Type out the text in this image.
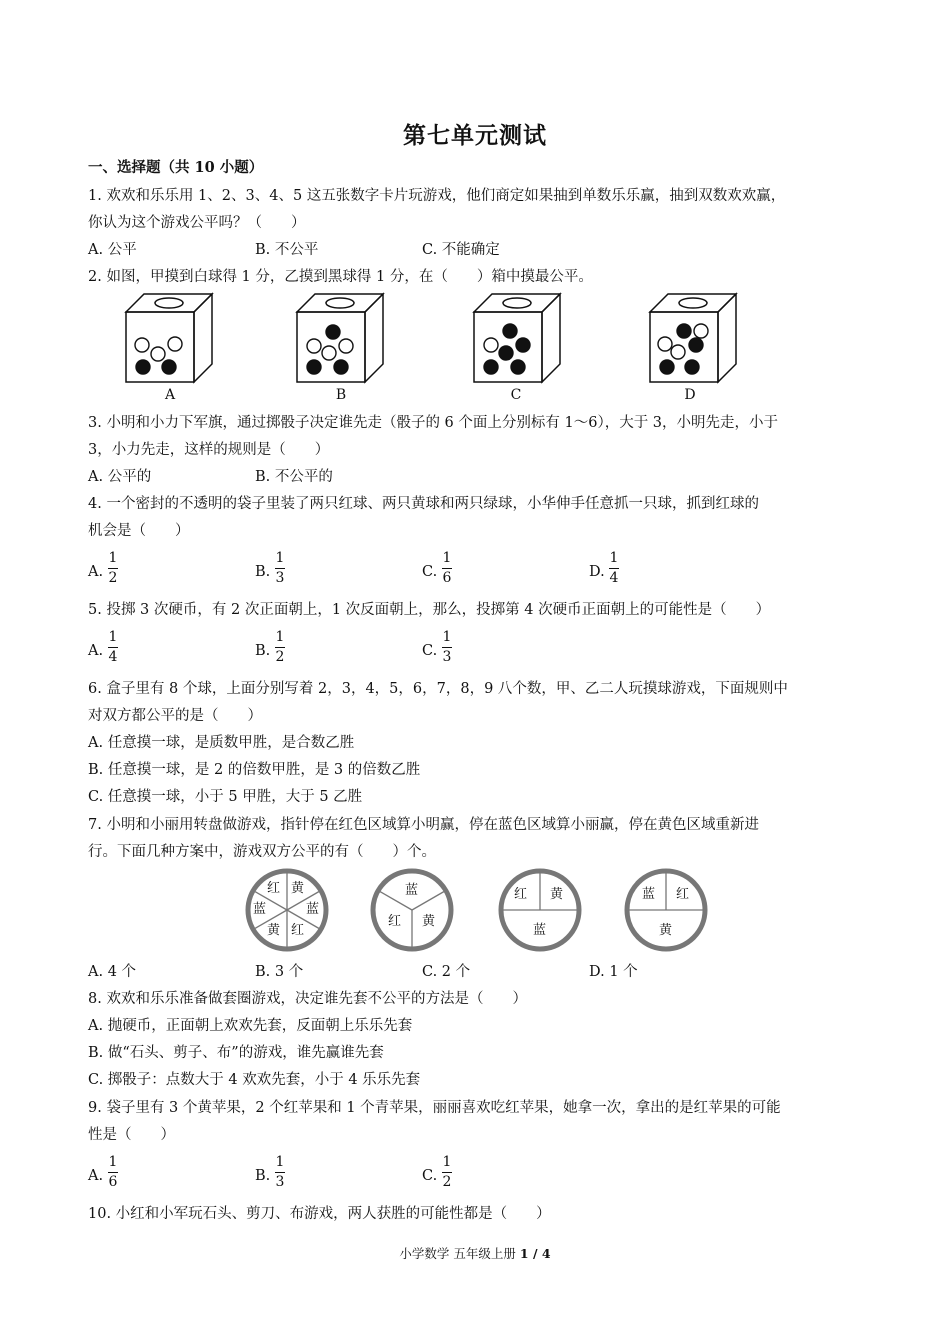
第七单元测试
一、选择题（共 10 小题）
1. 欢欢和乐乐用 1、2、3、4、5 这五张数字卡片玩游戏，他们商定如果抽到单数乐乐赢，抽到双数欢欢赢，
你认为这个游戏公平吗？（　　）
A. 公平	B. 不公平	C. 不能确定
2. 如图，甲摸到白球得 1 分，乙摸到黑球得 1 分，在（　　）箱中摸最公平。
A	B	C	D
3. 小明和小力下军旗，通过掷骰子决定谁先走（骰子的 6 个面上分别标有 1～6），大于 3，小明先走，小于
3，小力先走，这样的规则是（　　）
A. 公平的	B. 不公平的
4. 一个密封的不透明的袋子里装了两只红球、两只黄球和两只绿球，小华伸手任意抓一只球，抓到红球的
机会是（　　）
A.
1
2	B.
1
3	C.
1
6	D.
1
4
5. 投掷 3 次硬币，有 2 次正面朝上，1 次反面朝上，那么，投掷第 4 次硬币正面朝上的可能性是（　　）
A.
1
4	B.
1
2	C.
1
3
6. 盒子里有 8 个球，上面分别写着 2，3，4，5，6，7，8，9 八个数，甲、乙二人玩摸球游戏，下面规则中
对双方都公平的是（　　）
A. 任意摸一球，是质数甲胜，是合数乙胜
B. 任意摸一球，是 2 的倍数甲胜，是 3 的倍数乙胜
C. 任意摸一球，小于 5 甲胜，大于 5 乙胜
7. 小明和小丽用转盘做游戏，指针停在红色区域算小明赢，停在蓝色区域算小丽赢，停在黄色区域重新进
行。下面几种方案中，游戏双方公平的有（　　）个。
红 黄
蓝	蓝
黄 红
蓝
红 黄
红 黄
蓝
蓝 红
黄
A. 4 个	B. 3 个	C. 2 个	D. 1 个
8. 欢欢和乐乐准备做套圈游戏，决定谁先套不公平的方法是（　　）
A. 抛硬币，正面朝上欢欢先套，反面朝上乐乐先套
B. 做“石头、剪子、布”的游戏，谁先赢谁先套
C. 掷骰子：点数大于 4 欢欢先套，小于 4 乐乐先套
9. 袋子里有 3 个黄苹果，2 个红苹果和 1 个青苹果，丽丽喜欢吃红苹果，她拿一次，拿出的是红苹果的可能
性是（　　）
A.
1
6	B.
1
3	C.
1
2
10. 小红和小军玩石头、剪刀、布游戏，两人获胜的可能性都是（　　）
小学数学 五年级上册 1 / 4
